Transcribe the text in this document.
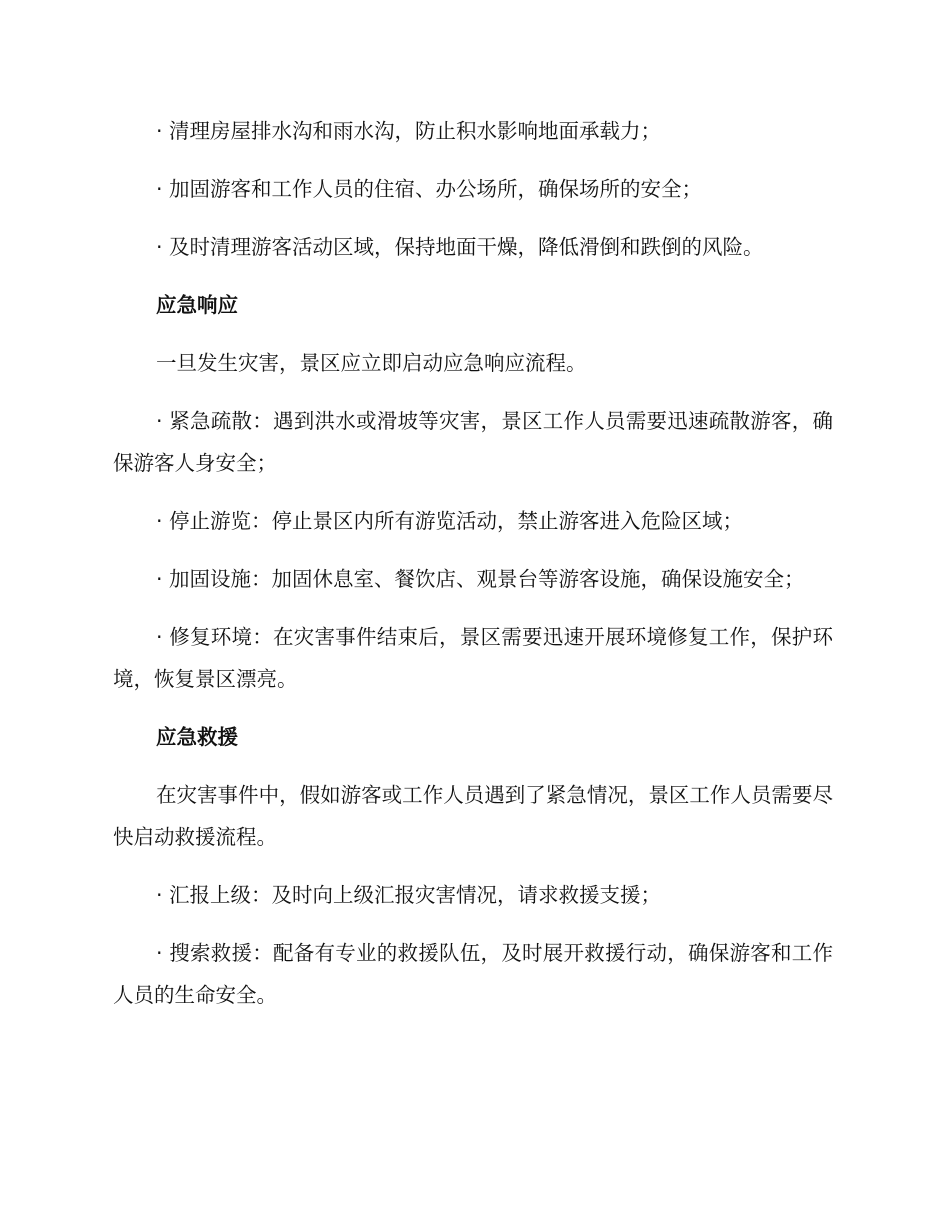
· 清理房屋排水沟和雨水沟，防止积水影响地面承载力；

· 加固游客和工作人员的住宿、办公场所，确保场所的安全；

· 及时清理游客活动区域，保持地面干燥，降低滑倒和跌倒的风险。

应急响应

一旦发生灾害，景区应立即启动应急响应流程。

· 紧急疏散：遇到洪水或滑坡等灾害，景区工作人员需要迅速疏散游客，确保游客人身安全；

· 停止游览：停止景区内所有游览活动，禁止游客进入危险区域；

· 加固设施：加固休息室、餐饮店、观景台等游客设施，确保设施安全；

· 修复环境：在灾害事件结束后，景区需要迅速开展环境修复工作，保护环境，恢复景区漂亮。

应急救援

在灾害事件中，假如游客或工作人员遇到了紧急情况，景区工作人员需要尽快启动救援流程。

· 汇报上级：及时向上级汇报灾害情况，请求救援支援；

· 搜索救援：配备有专业的救援队伍，及时展开救援行动，确保游客和工作人员的生命安全。
